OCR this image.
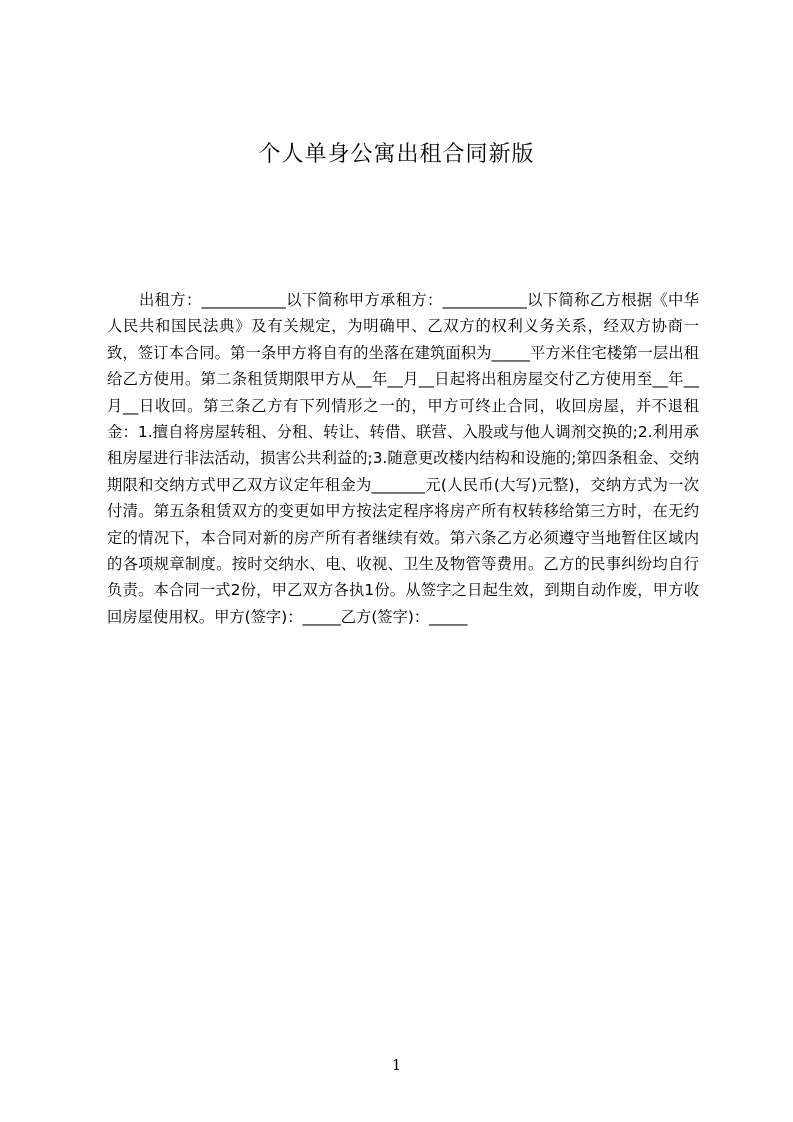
个人单身公寓出租合同新版

出租方：___________以下简称甲方承租方：___________以下简称乙方根据《中华人民共和国民法典》及有关规定，为明确甲、乙双方的权利义务关系，经双方协商一致，签订本合同。第一条甲方将自有的坐落在建筑面积为_____平方米住宅楼第一层出租给乙方使用。第二条租赁期限甲方从__年__月__日起将出租房屋交付乙方使用至__年__月__日收回。第三条乙方有下列情形之一的，甲方可终止合同，收回房屋，并不退租金：1.擅自将房屋转租、分租、转让、转借、联营、入股或与他人调剂交换的;2.利用承租房屋进行非法活动，损害公共利益的;3.随意更改楼内结构和设施的;第四条租金、交纳期限和交纳方式甲乙双方议定年租金为_______元(人民币(大写)元整)，交纳方式为一次付清。第五条租赁双方的变更如甲方按法定程序将房产所有权转移给第三方时，在无约定的情况下，本合同对新的房产所有者继续有效。第六条乙方必须遵守当地暂住区域内的各项规章制度。按时交纳水、电、收视、卫生及物管等费用。乙方的民事纠纷均自行负责。本合同一式2份，甲乙双方各执1份。从签字之日起生效，到期自动作废，甲方收回房屋使用权。甲方(签字)：_____乙方(签字)：_____

1
